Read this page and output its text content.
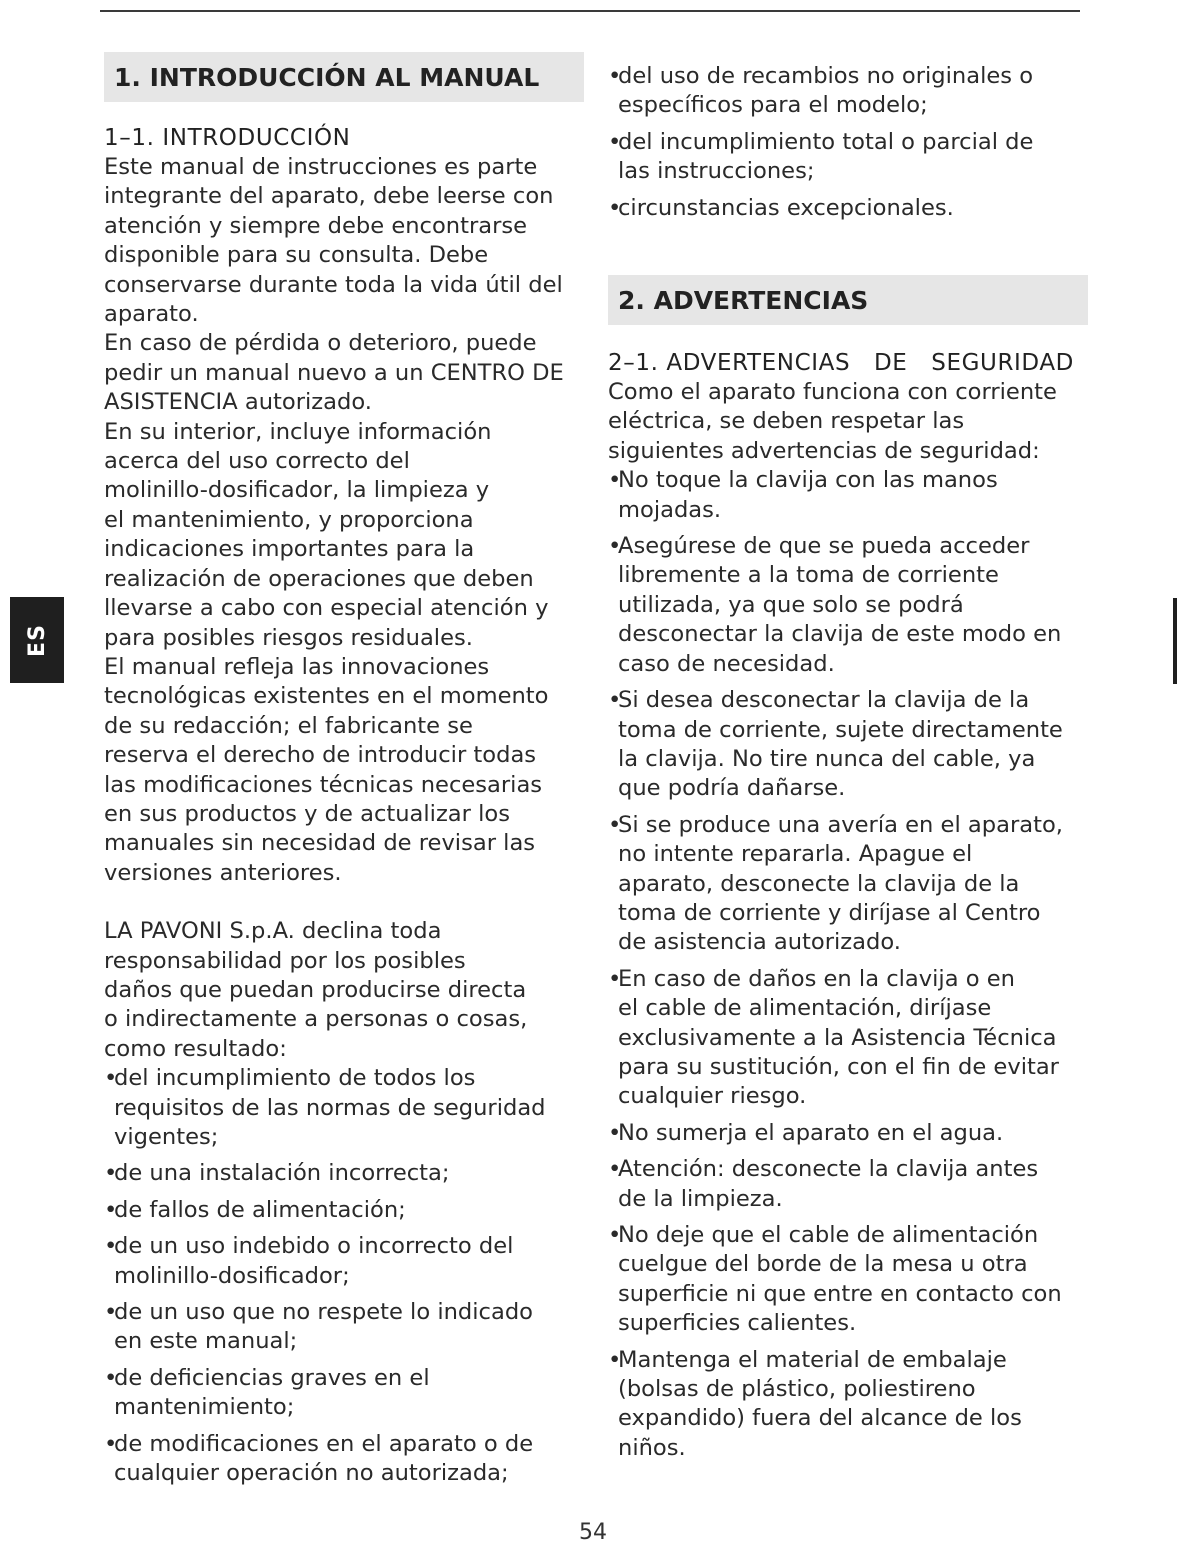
ES
1. INTRODUCCIÓN AL MANUAL
1–1. INTRODUCCIÓN
Este manual de instrucciones es parte
integrante del aparato, debe leerse con
atención y siempre debe encontrarse
disponible para su consulta. Debe
conservarse durante toda la vida útil del
aparato.
En caso de pérdida o deterioro, puede
pedir un manual nuevo a un CENTRO DE
ASISTENCIA autorizado.
En su interior, incluye información
acerca del uso correcto del
molinillo-dosificador, la limpieza y
el mantenimiento, y proporciona
indicaciones importantes para la
realización de operaciones que deben
llevarse a cabo con especial atención y
para posibles riesgos residuales.
El manual refleja las innovaciones
tecnológicas existentes en el momento
de su redacción; el fabricante se
reserva el derecho de introducir todas
las modificaciones técnicas necesarias
en sus productos y de actualizar los
manuales sin necesidad de revisar las
versiones anteriores.
LA PAVONI S.p.A. declina toda
responsabilidad por los posibles
daños que puedan producirse directa
o indirectamente a personas o cosas,
como resultado:
•
del incumplimiento de todos los
requisitos de las normas de seguridad
vigentes;
•
de una instalación incorrecta;
•
de fallos de alimentación;
•
de un uso indebido o incorrecto del
molinillo-dosificador;
•
de un uso que no respete lo indicado
en este manual;
•
de deficiencias graves en el
mantenimiento;
•
de modificaciones en el aparato o de
cualquier operación no autorizada;
•
del uso de recambios no originales o
específicos para el modelo;
•
del incumplimiento total o parcial de
las instrucciones;
•
circunstancias excepcionales.
2. ADVERTENCIAS
2–1. ADVERTENCIAS DE SEGURIDAD
Como el aparato funciona con corriente
eléctrica, se deben respetar las
siguientes advertencias de seguridad:
•
No toque la clavija con las manos
mojadas.
•
Asegúrese de que se pueda acceder
libremente a la toma de corriente
utilizada, ya que solo se podrá
desconectar la clavija de este modo en
caso de necesidad.
•
Si desea desconectar la clavija de la
toma de corriente, sujete directamente
la clavija. No tire nunca del cable, ya
que podría dañarse.
•
Si se produce una avería en el aparato,
no intente repararla. Apague el
aparato, desconecte la clavija de la
toma de corriente y diríjase al Centro
de asistencia autorizado.
•
En caso de daños en la clavija o en
el cable de alimentación, diríjase
exclusivamente a la Asistencia Técnica
para su sustitución, con el fin de evitar
cualquier riesgo.
•
No sumerja el aparato en el agua.
•
Atención: desconecte la clavija antes
de la limpieza.
•
No deje que el cable de alimentación
cuelgue del borde de la mesa u otra
superficie ni que entre en contacto con
superficies calientes.
•
Mantenga el material de embalaje
(bolsas de plástico, poliestireno
expandido) fuera del alcance de los
niños.
54
